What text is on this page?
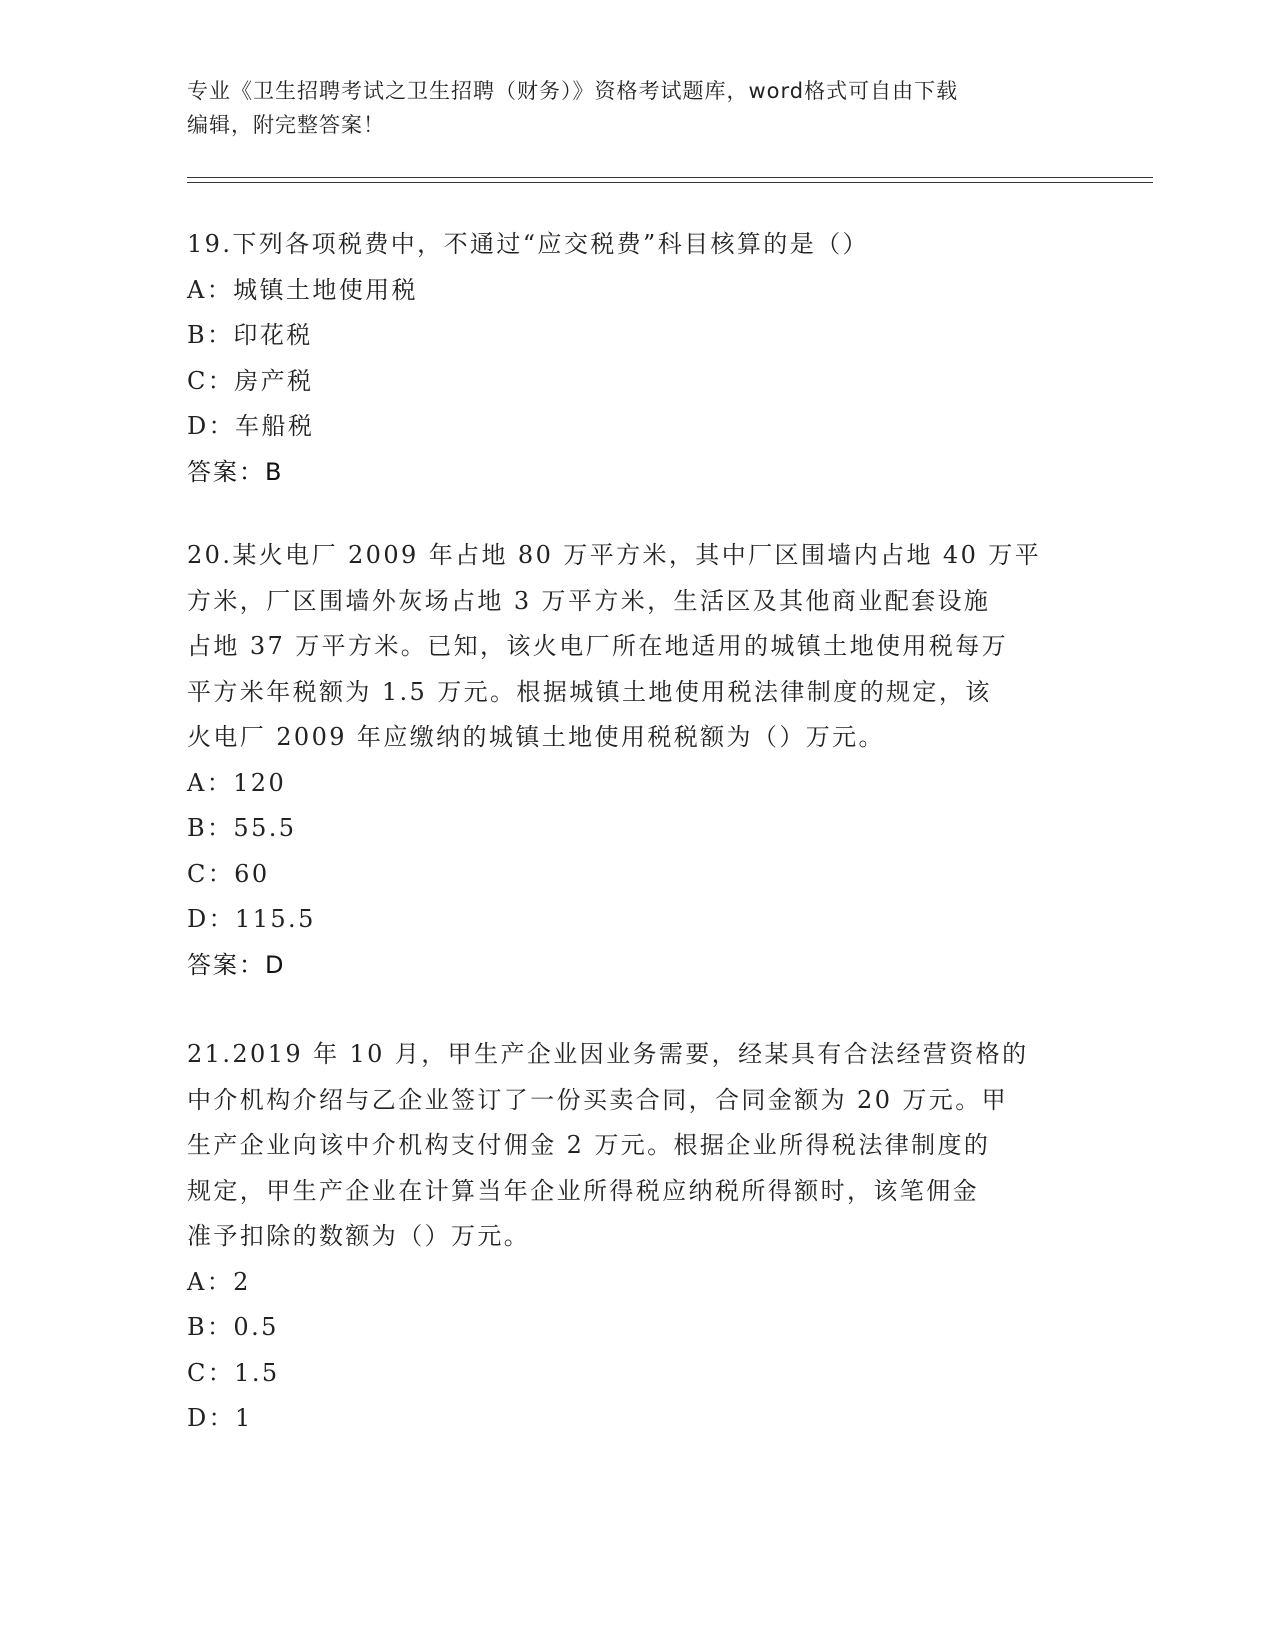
专业《卫生招聘考试之卫生招聘（财务）》资格考试题库，word格式可自由下载
编辑，附完整答案！
19.下列各项税费中，不通过“应交税费”科目核算的是（）
A：城镇土地使用税
B：印花税
C：房产税
D：车船税
答案：B
20.某火电厂 2009 年占地 80 万平方米，其中厂区围墙内占地 40 万平
方米，厂区围墙外灰场占地 3 万平方米，生活区及其他商业配套设施
占地 37 万平方米。已知，该火电厂所在地适用的城镇土地使用税每万
平方米年税额为 1.5 万元。根据城镇土地使用税法律制度的规定，该
火电厂 2009 年应缴纳的城镇土地使用税税额为（）万元。
A：120
B：55.5
C：60
D：115.5
答案：D
21.2019 年 10 月，甲生产企业因业务需要，经某具有合法经营资格的
中介机构介绍与乙企业签订了一份买卖合同，合同金额为 20 万元。甲
生产企业向该中介机构支付佣金 2 万元。根据企业所得税法律制度的
规定，甲生产企业在计算当年企业所得税应纳税所得额时，该笔佣金
准予扣除的数额为（）万元。
A：2
B：0.5
C：1.5
D：1
